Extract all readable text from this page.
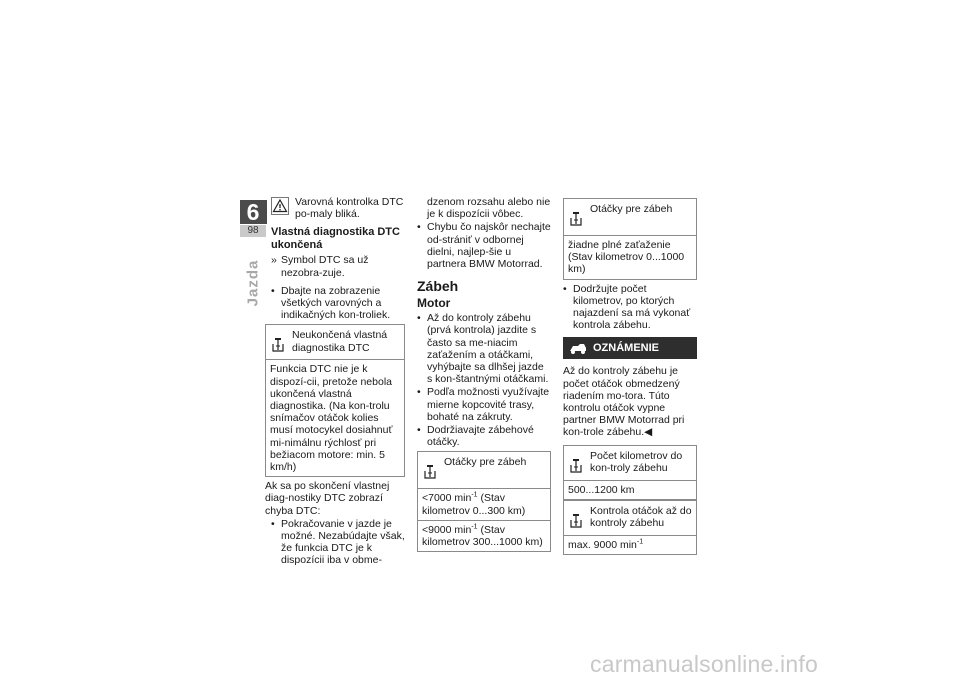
6
98
Jazda
Varovná kontrolka DTC po-maly bliká.
Vlastná diagnostika DTC ukončená
» Symbol DTC sa už nezobra-zuje.
• Dbajte na zobrazenie všetkých varovných a indikačných kon-troliek.
Neukončená vlastná diagnostika DTC
Funkcia DTC nie je k dispozí-cii, pretože nebola ukončená vlastná diagnostika. (Na kon-trolu snímačov otáčok kolies musí motocykel dosiahnuť mi-nimálnu rýchlosť pri bežiacom motore: min. 5 km/h)

Ak sa po skončení vlastnej diag-nostiky DTC zobrazí chyba DTC:

• Pokračovanie v jazde je možné. Nezabúdajte však, že funkcia DTC je k dispozícii iba v obme-
dzenom rozsahu alebo nie je k dispozícii vôbec.
• Chybu čo najskôr nechajte od-strániť v odbornej dielni, najlep-šie u partnera BMW Motorrad.
Zábeh
Motor
• Až do kontroly zábehu (prvá kontrola) jazdite s často sa me-niacim zaťažením a otáčkami, vyhýbajte sa dlhšej jazde s kon-štantnými otáčkami.
• Podľa možnosti využívajte mierne kopcovité trasy, bohaté na zákruty.
• Dodržiavajte zábehové otáčky.
Otáčky pre zábeh
<7000 $\min^{-1}$ (Stav kilometrov 0...300 km)
<9000 $\min^{-1}$ (Stav kilometrov 300...1000 km)
Otáčky pre zábeh
žiadne plné zaťaženie (Stav kilometrov 0...1000 km)
• Dodržujte počet kilometrov, po ktorých najazdení sa má vykonať kontrola zábehu.
OZNÁMENIE

Až do kontroly zábehu je počet otáčok obmedzený riadením mo-tora. Túto kontrolu otáčok vypne partner BMW Motorrad pri kon-trole zábehu.◀

Počet kilometrov do kon-troly zábehu
500...1200 km
Kontrola otáčok až do kontroly zábehu
max. 9000 $\min^{-1}$
carmanualsonline.info
